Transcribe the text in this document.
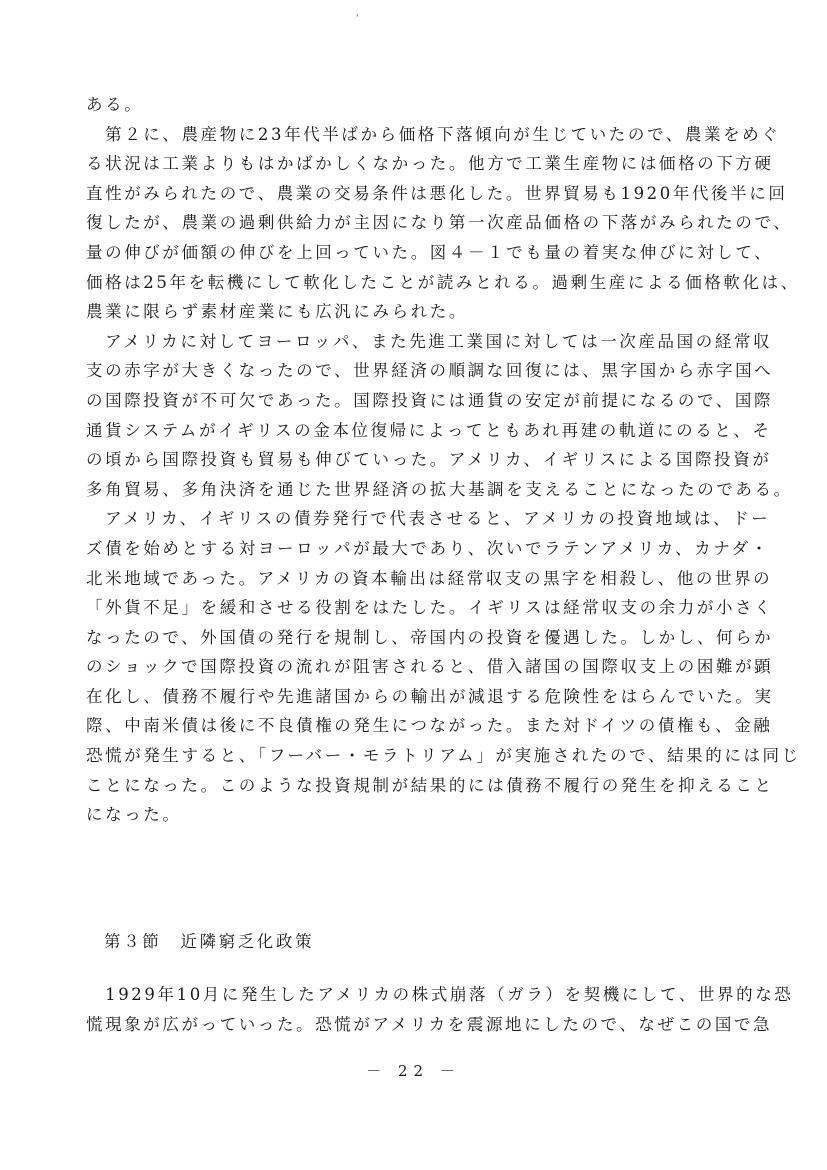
'
ある。
　第２に、農産物に23年代半ばから価格下落傾向が生じていたので、農業をめぐ
る状況は工業よりもはかばかしくなかった。他方で工業生産物には価格の下方硬
直性がみられたので、農業の交易条件は悪化した。世界貿易も1920年代後半に回
復したが、農業の過剰供給力が主因になり第一次産品価格の下落がみられたので、
量の伸びが価額の伸びを上回っていた。図４－１でも量の着実な伸びに対して、
価格は25年を転機にして軟化したことが読みとれる。過剰生産による価格軟化は、
農業に限らず素材産業にも広汎にみられた。
　アメリカに対してヨーロッパ、また先進工業国に対しては一次産品国の経常収
支の赤字が大きくなったので、世界経済の順調な回復には、黒字国から赤字国へ
の国際投資が不可欠であった。国際投資には通貨の安定が前提になるので、国際
通貨システムがイギリスの金本位復帰によってともあれ再建の軌道にのると、そ
の頃から国際投資も貿易も伸びていった。アメリカ、イギリスによる国際投資が
多角貿易、多角決済を通じた世界経済の拡大基調を支えることになったのである。
　アメリカ、イギリスの債券発行で代表させると、アメリカの投資地域は、ドー
ズ債を始めとする対ヨーロッパが最大であり、次いでラテンアメリカ、カナダ・
北米地域であった。アメリカの資本輸出は経常収支の黒字を相殺し、他の世界の
「外貨不足」を緩和させる役割をはたした。イギリスは経常収支の余力が小さく
なったので、外国債の発行を規制し、帝国内の投資を優遇した。しかし、何らか
のショックで国際投資の流れが阻害されると、借入諸国の国際収支上の困難が顕
在化し、債務不履行や先進諸国からの輸出が減退する危険性をはらんでいた。実
際、中南米債は後に不良債権の発生につながった。また対ドイツの債権も、金融
恐慌が発生すると、「フーバー・モラトリアム」が実施されたので、結果的には同じ
ことになった。このような投資規制が結果的には債務不履行の発生を抑えること
になった。
第３節　近隣窮乏化政策
　1929年10月に発生したアメリカの株式崩落（ガラ）を契機にして、世界的な恐
慌現象が広がっていった。恐慌がアメリカを震源地にしたので、なぜこの国で急
－ 22 －
